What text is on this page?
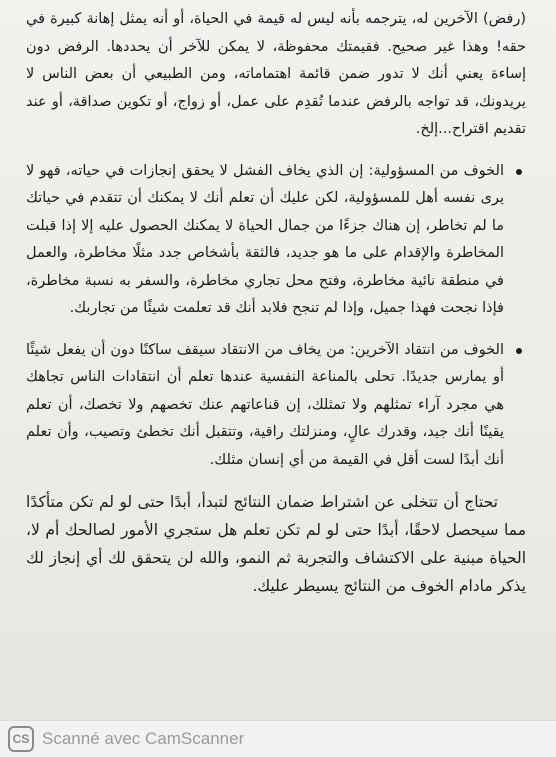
(رفض) الآخرين له، يترجمه بأنه ليس له قيمة في الحياة، أو أنه يمثل إهانة كبيرة في حقه! وهذا غير صحيح. فقيمتك محفوظة، لا يمكن للآخر أن يحددها. الرفض دون إساءة يعني أنك لا تدور ضمن قائمة اهتماماته، ومن الطبيعي أن بعض الناس لا يريدونك، قد تواجه بالرفض عندما تُقدِم على عمل، أو زواج، أو تكوين صداقة، أو عند تقديم اقتراح...إلخ.

الخوف من المسؤولية: إن الذي يخاف الفشل لا يحقق إنجازات في حياته، فهو لا يرى نفسه أهل للمسؤولية، لكن عليك أن تعلم أنك لا يمكنك أن تتقدم في حياتك ما لم تخاطر، إن هناك جزءًا من جمال الحياة لا يمكنك الحصول عليه إلا إذا قبلت المخاطرة والإقدام على ما هو جديد، فالثقة بأشخاص جدد مثلًا مخاطرة، والعمل في منطقة نائية مخاطرة، وفتح محل تجاري مخاطرة، والسفر به نسبة مخاطرة، فإذا نجحت فهذا جميل، وإذا لم تنجح فلابد أنك قد تعلمت شيئًا من تجاربك.
الخوف من انتقاد الآخرين: من يخاف من الانتقاد سيقف ساكنًا دون أن يفعل شيئًا أو يمارس جديدًا. تحلى بالمناعة النفسية عندها تعلم أن انتقادات الناس تجاهك هي مجرد آراء تمثلهم ولا تمثلك، إن قناعاتهم عنك تخصهم ولا تخصك، أن تعلم يقينًا أنك جيد، وقدرك عالٍ، ومنزلتك راقية، وتتقبل أنك تخطئ وتصيب، وأن تعلم أنك أبدًا لست أقل في القيمة من أي إنسان مثلك.

تحتاج أن تتخلى عن اشتراط ضمان النتائج لتبدأ، أبدًا حتى لو لم تكن متأكدًا مما سيحصل لاحقًا، أبدًا حتى لو لم تكن تعلم هل ستجري الأمور لصالحك أم لا، الحياة مبنية على الاكتشاف والتجربة ثم النمو، والله لن يتحقق لك أي إنجاز لك يذكر مادام الخوف من النتائج يسيطر عليك.

CS Scanné avec CamScanner
